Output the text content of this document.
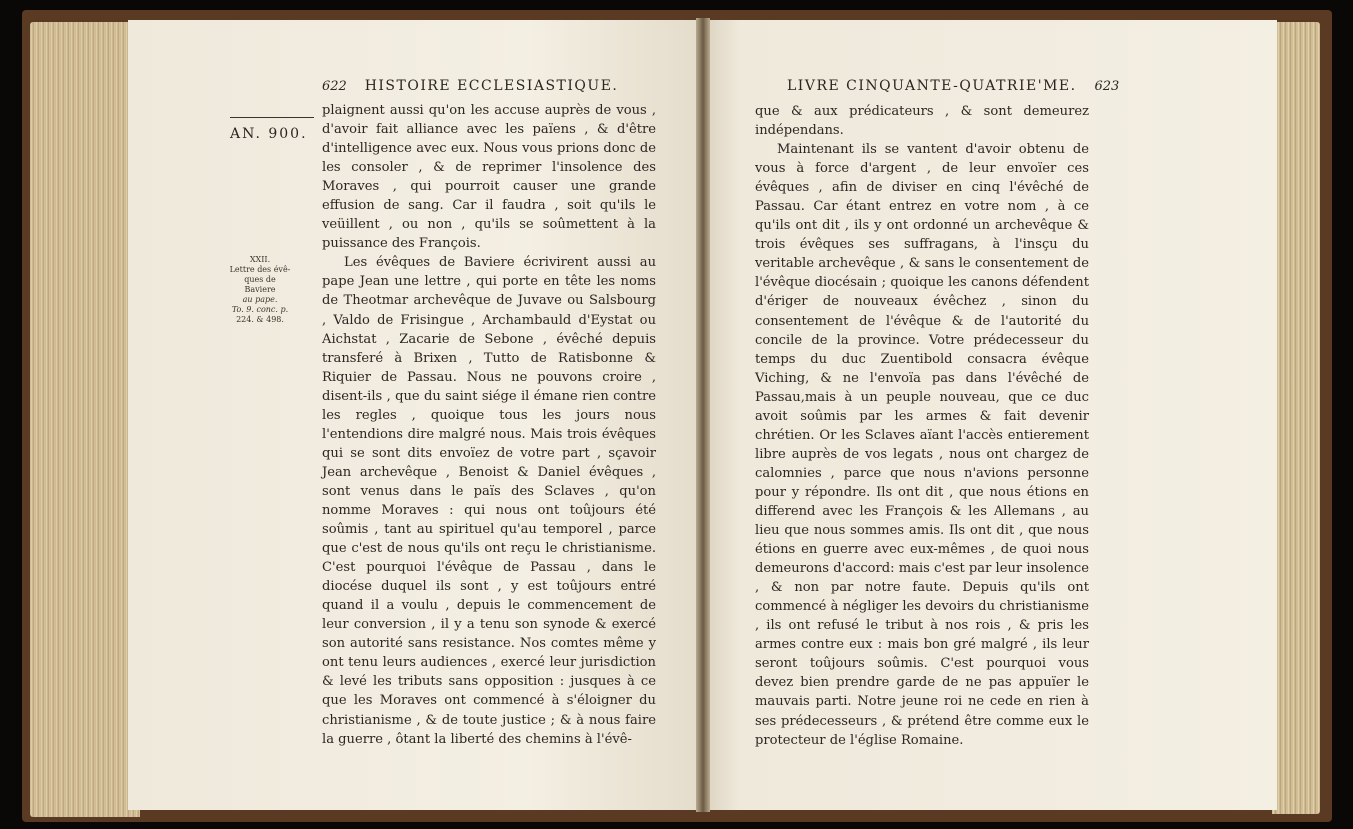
622 HISTOIRE ECCLESIASTIQUE.
AN. 900.
XXII.
Lettre des évê-
ques de Baviere
au pape.
To. 9. conc. p.
224. & 498.

plaignent aussi qu'on les accuse auprès de vous , d'avoir fait alliance avec les païens , & d'être d'intelligence avec eux. Nous vous prions donc de les consoler , & de reprimer l'insolence des Moraves , qui pourroit causer une grande effusion de sang. Car il faudra , soit qu'ils le veüillent , ou non , qu'ils se soûmettent à la puissance des François.

Les évêques de Baviere écrivirent aussi au pape Jean une lettre , qui porte en tête les noms de Theotmar archevêque de Juvave ou Salsbourg , Valdo de Frisingue , Archambauld d'Eystat ou Aichstat , Zacarie de Sebone , évêché depuis transferé à Brixen , Tutto de Ratisbonne & Riquier de Passau. Nous ne pouvons croire , disent-ils , que du saint siége il émane rien contre les regles , quoique tous les jours nous l'entendions dire malgré nous. Mais trois évêques qui se sont dits envoïez de votre part , sçavoir Jean archevêque , Benoist & Daniel évêques , sont venus dans le païs des Sclaves , qu'on nomme Moraves : qui nous ont toûjours été soûmis , tant au spirituel qu'au temporel , parce que c'est de nous qu'ils ont reçu le christianisme. C'est pourquoi l'évêque de Passau , dans le diocése duquel ils sont , y est toûjours entré quand il a voulu , depuis le commencement de leur conversion , il y a tenu son synode & exercé son autorité sans resistance. Nos comtes même y ont tenu leurs audiences , exercé leur jurisdiction & levé les tributs sans opposition : jusques à ce que les Moraves ont commencé à s'éloigner du christianisme , & de toute justice ; & à nous faire la guerre , ôtant la liberté des chemins à l'évê-

LIVRE CINQUANTE-QUATRIE'ME. 623

que & aux prédicateurs , & sont demeurez indépendans.

Maintenant ils se vantent d'avoir obtenu de vous à force d'argent , de leur envoïer ces évêques , afin de diviser en cinq l'évêché de Passau. Car étant entrez en votre nom , à ce qu'ils ont dit , ils y ont ordonné un archevêque & trois évêques ses suffragans, à l'insçu du veritable archevêque , & sans le consentement de l'évêque diocésain ; quoique les canons défendent d'ériger de nouveaux évêchez , sinon du consentement de l'évêque & de l'autorité du concile de la province. Votre prédecesseur du temps du duc Zuentibold consacra évêque Viching, & ne l'envoïa pas dans l'évêché de Passau,mais à un peuple nouveau, que ce duc avoit soûmis par les armes & fait devenir chrétien. Or les Sclaves aïant l'accès entierement libre auprès de vos legats , nous ont chargez de calomnies , parce que nous n'avions personne pour y répondre. Ils ont dit , que nous étions en differend avec les François & les Allemans , au lieu que nous sommes amis. Ils ont dit , que nous étions en guerre avec eux-mêmes , de quoi nous demeurons d'accord: mais c'est par leur insolence , & non par notre faute. Depuis qu'ils ont commencé à négliger les devoirs du christianisme , ils ont refusé le tribut à nos rois , & pris les armes contre eux : mais bon gré malgré , ils leur seront toûjours soûmis. C'est pourquoi vous devez bien prendre garde de ne pas appuïer le mauvais parti. Notre jeune roi ne cede en rien à ses prédecesseurs , & prétend être comme eux le protecteur de l'église Romaine.
